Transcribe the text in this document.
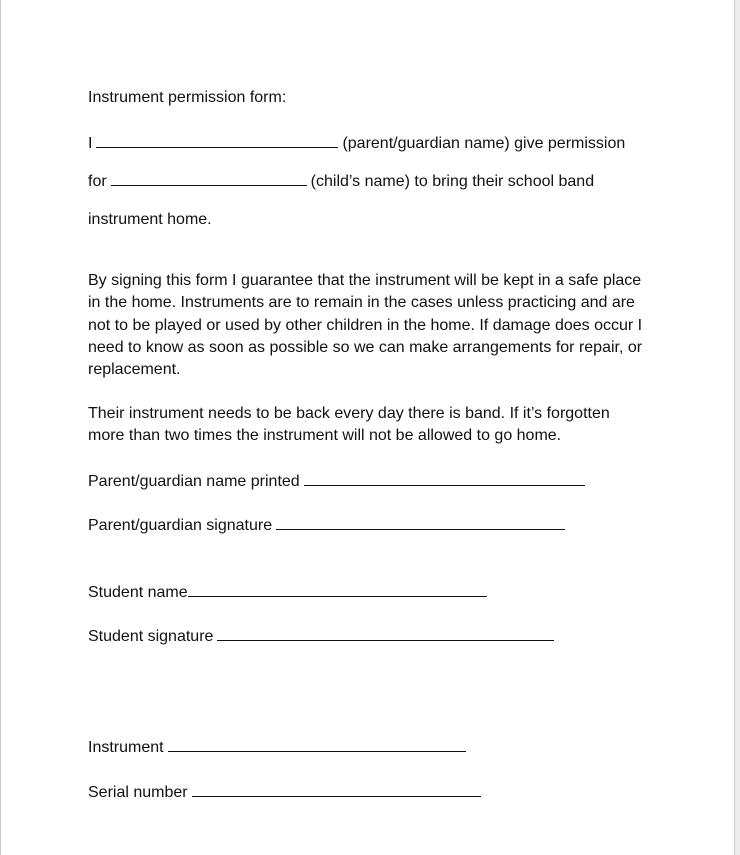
Instrument permission form:
I	(parent/guardian name) give permission
for	(child’s name) to bring their school band
instrument home.
By signing this form I guarantee that the instrument will be kept in a safe place in the home. Instruments are to remain in the cases unless practicing and are not to be played or used by other children in the home. If damage does occur I need to know as soon as possible so we can make arrangements for repair, or replacement.
Their instrument needs to be back every day there is band. If it’s forgotten more than two times the instrument will not be allowed to go home.
Parent/guardian name printed
Parent/guardian signature
Student name
Student signature
Instrument
Serial number
